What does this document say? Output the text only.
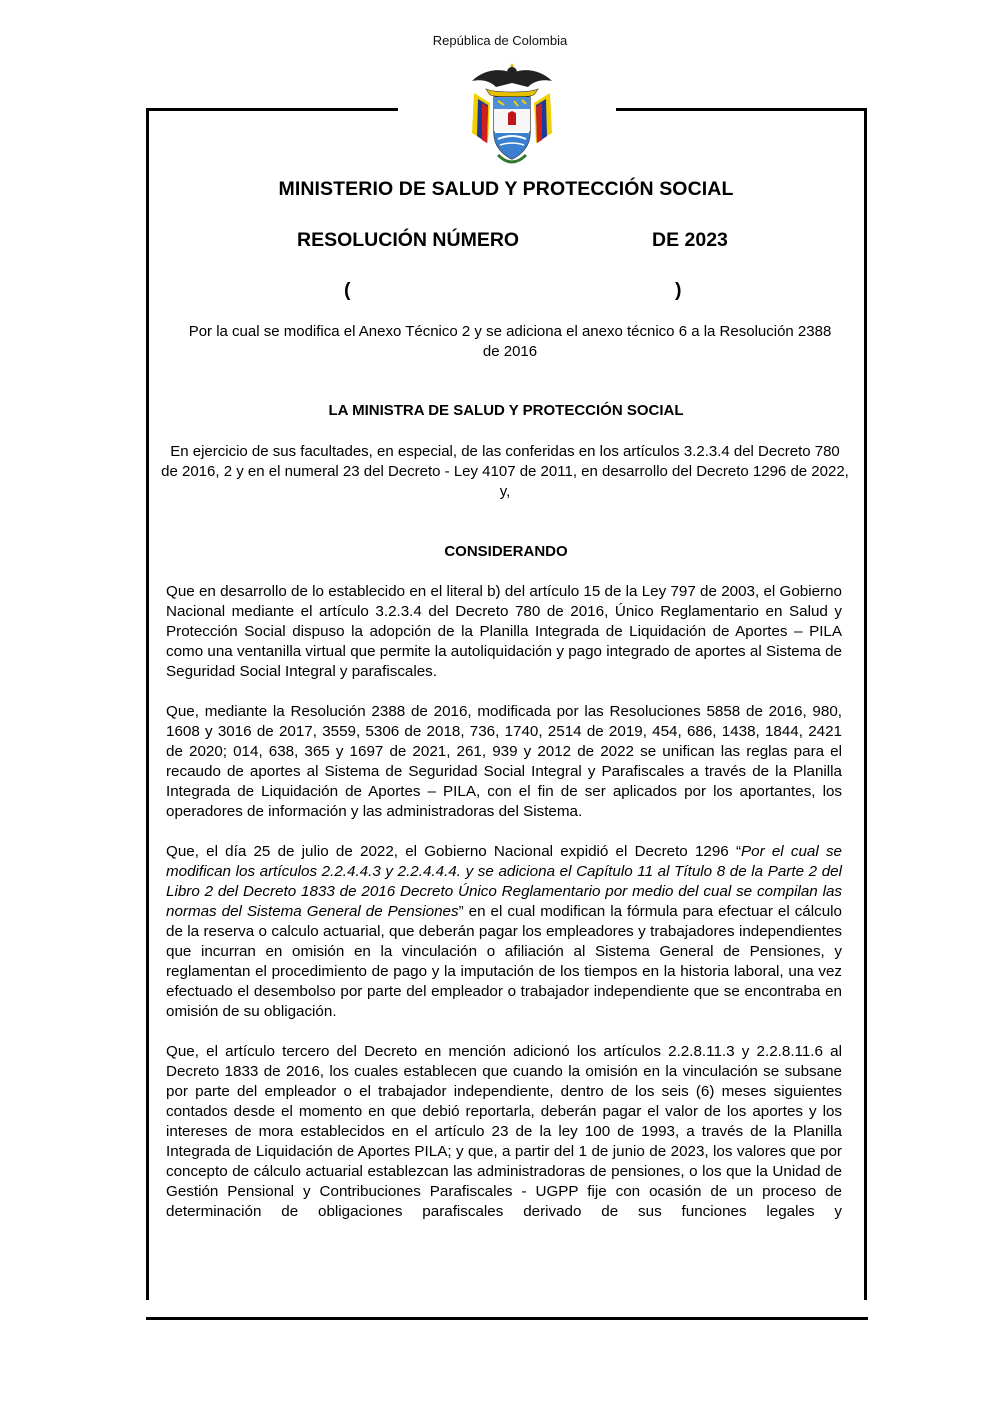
República de Colombia
MINISTERIO DE SALUD Y PROTECCIÓN SOCIAL
RESOLUCIÓN NÚMERO	DE 2023
(	)
Por la cual se modifica el Anexo Técnico 2 y se adiciona el anexo técnico 6 a la Resolución 2388 de 2016
LA MINISTRA DE SALUD Y PROTECCIÓN SOCIAL
En ejercicio de sus facultades, en especial, de las conferidas en los artículos 3.2.3.4 del Decreto 780 de 2016, 2 y en el numeral 23 del Decreto - Ley 4107 de 2011, en desarrollo del Decreto 1296 de 2022, y,
CONSIDERANDO

Que en desarrollo de lo establecido en el literal b) del artículo 15 de la Ley 797 de 2003, el Gobierno Nacional mediante el artículo 3.2.3.4 del Decreto 780 de 2016, Único Reglamentario en Salud y Protección Social dispuso la adopción de la Planilla Integrada de Liquidación de Aportes – PILA como una ventanilla virtual que permite la autoliquidación y pago integrado de aportes al Sistema de Seguridad Social Integral y parafiscales.

Que, mediante la Resolución 2388 de 2016, modificada por las Resoluciones 5858 de 2016, 980, 1608 y 3016 de 2017, 3559, 5306 de 2018, 736, 1740, 2514 de 2019, 454, 686, 1438, 1844, 2421 de 2020; 014, 638, 365 y 1697 de 2021, 261, 939 y 2012 de 2022 se unifican las reglas para el recaudo de aportes al Sistema de Seguridad Social Integral y Parafiscales a través de la Planilla Integrada de Liquidación de Aportes – PILA, con el fin de ser aplicados por los aportantes, los operadores de información y las administradoras del Sistema.

Que, el día 25 de julio de 2022, el Gobierno Nacional expidió el Decreto 1296 “Por el cual se modifican los artículos 2.2.4.4.3 y 2.2.4.4.4. y se adiciona el Capítulo 11 al Título 8 de la Parte 2 del Libro 2 del Decreto 1833 de 2016 Decreto Único Reglamentario por medio del cual se compilan las normas del Sistema General de Pensiones” en el cual modifican la fórmula para efectuar el cálculo de la reserva o calculo actuarial, que deberán pagar los empleadores y trabajadores independientes que incurran en omisión en la vinculación o afiliación al Sistema General de Pensiones, y reglamentan el procedimiento de pago y la imputación de los tiempos en la historia laboral, una vez efectuado el desembolso por parte del empleador o trabajador independiente que se encontraba en omisión de su obligación.

Que, el artículo tercero del Decreto en mención adicionó los artículos 2.2.8.11.3 y 2.2.8.11.6 al Decreto 1833 de 2016, los cuales establecen que cuando la omisión en la vinculación se subsane por parte del empleador o el trabajador independiente, dentro de los seis (6) meses siguientes contados desde el momento en que debió reportarla, deberán pagar el valor de los aportes y los intereses de mora establecidos en el artículo 23 de la ley 100 de 1993, a través de la Planilla Integrada de Liquidación de Aportes PILA; y que, a partir del 1 de junio de 2023, los valores que por concepto de cálculo actuarial establezcan las administradoras de pensiones, o los que la Unidad de Gestión Pensional y Contribuciones Parafiscales - UGPP fije con ocasión de un proceso de determinación de obligaciones parafiscales derivado de sus funciones legales y
